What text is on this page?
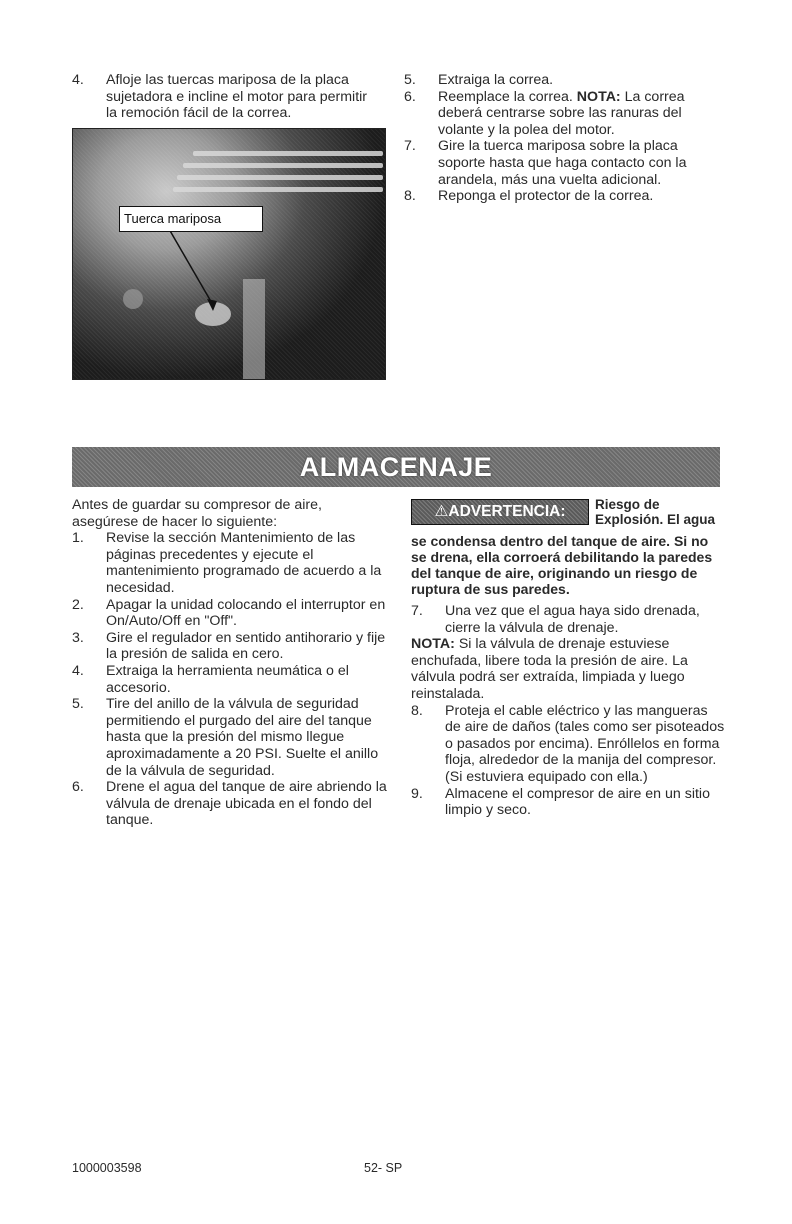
4.	Afloje las tuercas mariposa de la placa sujetadora e incline el motor para permitir la remoción fácil de la correa.
Tuerca mariposa
5.	Extraiga la correa.
6.	Reemplace la correa. NOTA: La correa deberá centrarse sobre las ranuras del volante y la polea del motor.
7.	Gire la tuerca mariposa sobre la placa soporte hasta que haga contacto con la arandela, más una vuelta adicional.
8.	Reponga el protector de la correa.
ALMACENAJE
Antes de guardar su compresor de aire, asegúrese de hacer lo siguiente:
1.	Revise la sección Mantenimiento de las páginas precedentes y ejecute el mantenimiento programado de acuerdo a la necesidad.
2.	Apagar la unidad colocando el interruptor en On/Auto/Off en "Off".
3.	Gire el regulador en sentido antihorario y fije la presión de salida en cero.
4.	Extraiga la herramienta neumática o el accesorio.
5.	Tire del anillo de la válvula de seguridad permitiendo el purgado del aire del tanque hasta que la presión del mismo llegue aproximadamente a 20 PSI. Suelte el anillo de la válvula de seguridad.
6.	Drene el agua del tanque de aire abriendo la válvula de drenaje ubicada en el fondo del tanque.
⚠ADVERTENCIA:	Riesgo de Explosión. El agua
se condensa dentro del tanque de aire. Si no se drena, ella corroerá debilitando la paredes del tanque de aire, originando un riesgo de ruptura de sus paredes.
7.	Una vez que el agua haya sido drenada, cierre la válvula de drenaje.
NOTA: Si la válvula de drenaje estuviese enchufada, libere toda la presión de aire. La válvula podrá ser extraída, limpiada y luego reinstalada.
8.	Proteja el cable eléctrico y las mangueras de aire de daños (tales como ser pisoteados o pasados por encima). Enróllelos en forma floja, alrededor de la manija del compresor. (Si estuviera equipado con ella.)
9.	Almacene el compresor de aire en un sitio limpio y seco.
1000003598	52- SP
